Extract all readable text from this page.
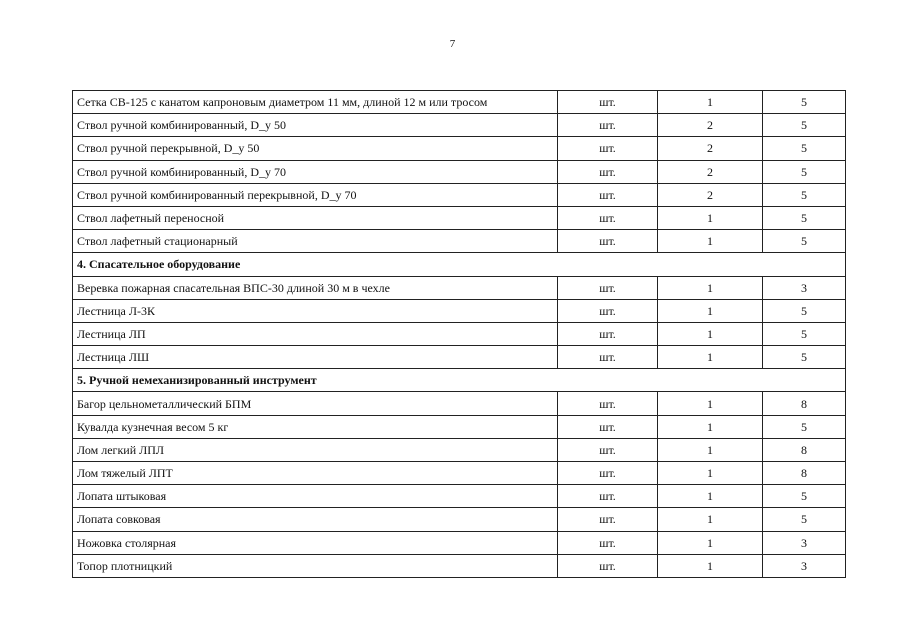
7
Сетка СВ-125 с канатом капроновым диаметром 11 мм, длиной 12 м или тросом	шт.	1	5
Ствол ручной комбинированный, D_у 50	шт.	2	5
Ствол ручной перекрывной, D_у 50	шт.	2	5
Ствол ручной комбинированный, D_у 70	шт.	2	5
Ствол ручной комбинированный перекрывной, D_у 70	шт.	2	5
Ствол лафетный переносной	шт.	1	5
Ствол лафетный стационарный	шт.	1	5
4. Спасательное оборудование			
Веревка пожарная спасательная ВПС-30 длиной 30 м в чехле	шт.	1	3
Лестница Л-3К	шт.	1	5
Лестница ЛП	шт.	1	5
Лестница ЛШ	шт.	1	5
5. Ручной немеханизированный инструмент			
Багор цельнометаллический БПМ	шт.	1	8
Кувалда кузнечная весом 5 кг	шт.	1	5
Лом легкий ЛПЛ	шт.	1	8
Лом тяжелый ЛПТ	шт.	1	8
Лопата штыковая	шт.	1	5
Лопата совковая	шт.	1	5
Ножовка столярная	шт.	1	3
Топор плотницкий	шт.	1	3
